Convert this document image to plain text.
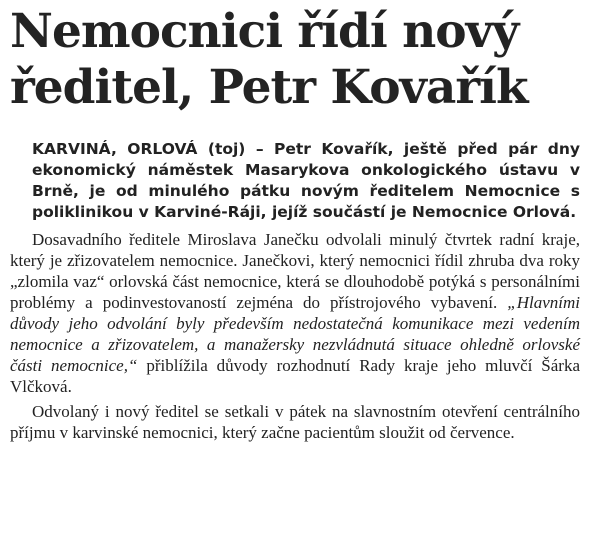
Nemocnici řídí nový
ředitel, Petr Kovařík

KARVINÁ, ORLOVÁ (toj) – Petr Kovařík, ještě před pár dny ekonomický náměstek Masarykova onkologického ústavu v Brně, je od minulého pátku novým ředitelem Nemocnice s poliklinikou v Karviné-Ráji, jejíž součástí je Nemocnice Orlová.

Dosavadního ředitele Miroslava Janečku odvolali minulý čtvrtek radní kraje, který je zřizovatelem nemocnice. Janečkovi, který nemocnici řídil zhruba dva roky „zlomila vaz“ orlovská část nemocnice, která se dlouhodobě potýká s personálními problémy a podinvestovaností zejména do přístrojového vybavení. „Hlavními důvody jeho odvolání byly především nedostatečná komunikace mezi vedením nemocnice a zřizovatelem, a manažersky nezvládnutá situace ohledně orlovské části nemocnice,“ přiblížila důvody rozhodnutí Rady kraje jeho mluvčí Šárka Vlčková.

Odvolaný i nový ředitel se setkali v pátek na slavnostním otevření centrálního příjmu v karvinské nemocnici, který začne pacientům sloužit od července.
